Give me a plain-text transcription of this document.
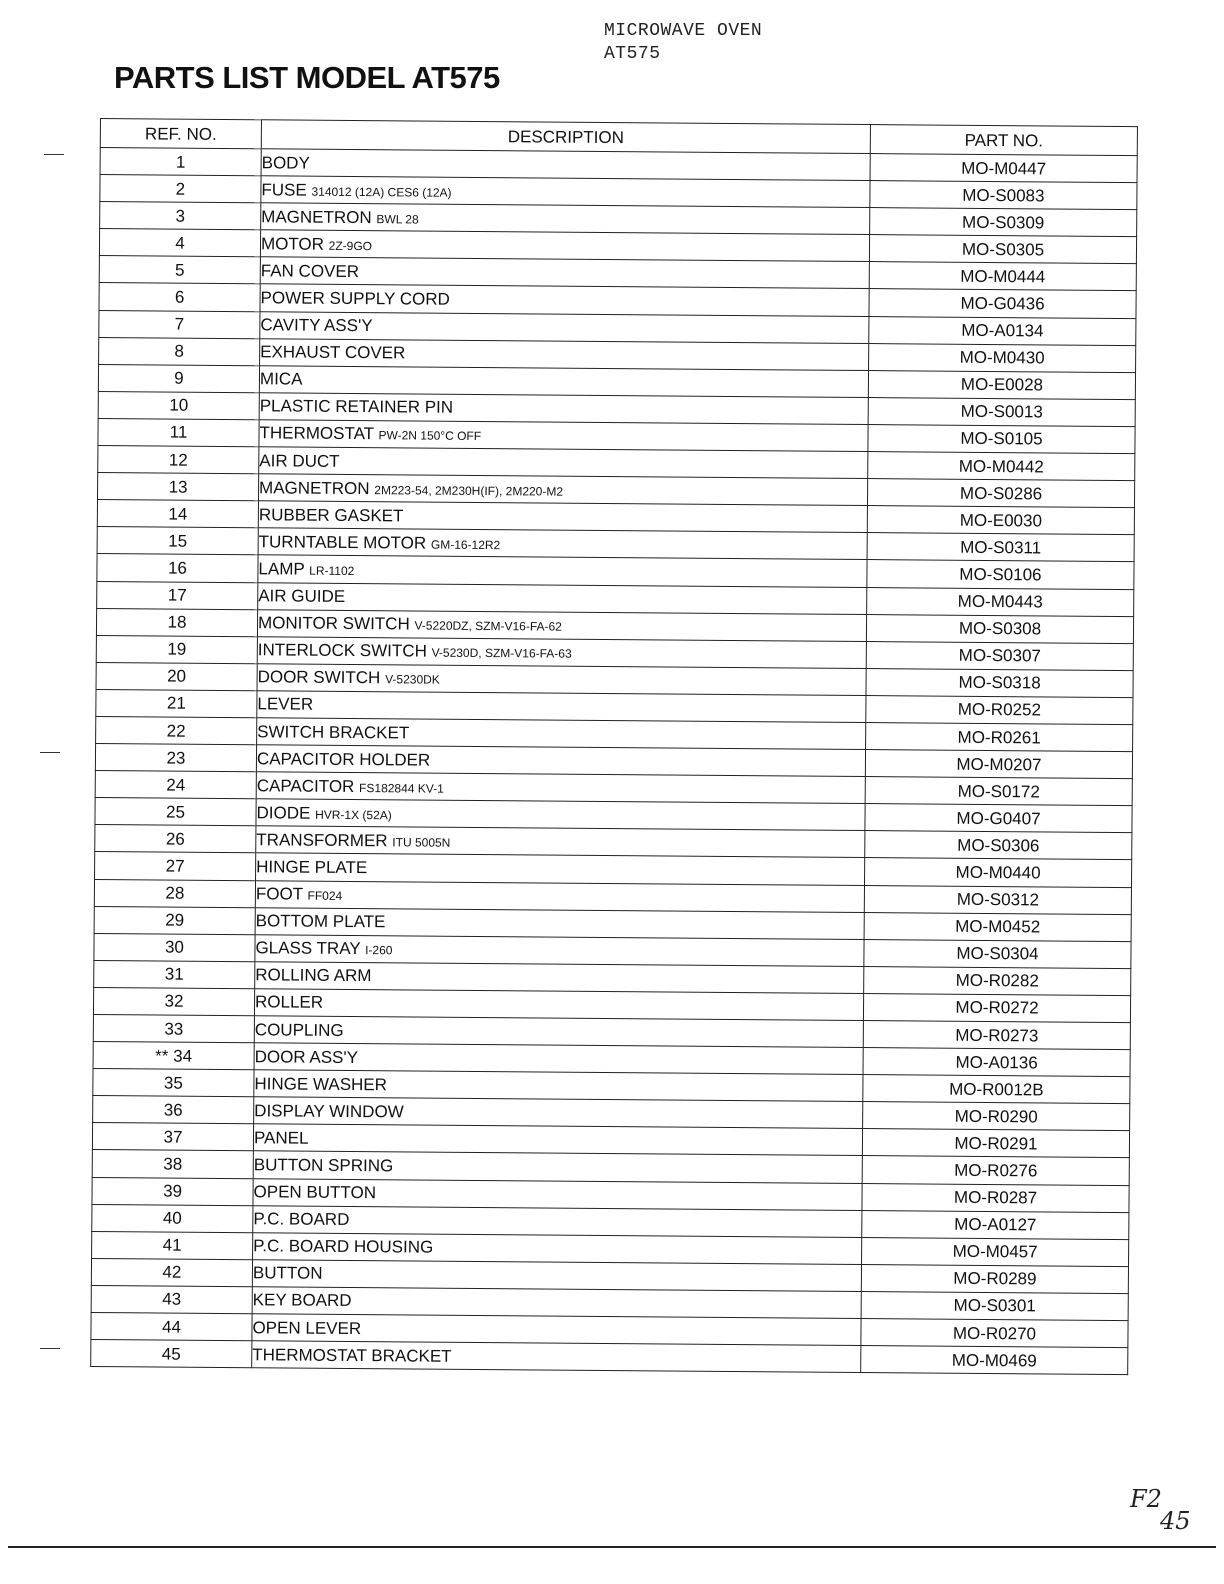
MICROWAVE OVEN
AT575
PARTS LIST MODEL AT575
REF. NO.	DESCRIPTION	PART NO.
1	BODY	MO-M0447
2	FUSE 314012 (12A) CES6 (12A)	MO-S0083
3	MAGNETRON BWL 28	MO-S0309
4	MOTOR 2Z-9GO	MO-S0305
5	FAN COVER	MO-M0444
6	POWER SUPPLY CORD	MO-G0436
7	CAVITY ASS'Y	MO-A0134
8	EXHAUST COVER	MO-M0430
9	MICA	MO-E0028
10	PLASTIC RETAINER PIN	MO-S0013
11	THERMOSTAT PW-2N 150°C OFF	MO-S0105
12	AIR DUCT	MO-M0442
13	MAGNETRON 2M223-54, 2M230H(IF), 2M220-M2	MO-S0286
14	RUBBER GASKET	MO-E0030
15	TURNTABLE MOTOR GM-16-12R2	MO-S0311
16	LAMP LR-1102	MO-S0106
17	AIR GUIDE	MO-M0443
18	MONITOR SWITCH V-5220DZ, SZM-V16-FA-62	MO-S0308
19	INTERLOCK SWITCH V-5230D, SZM-V16-FA-63	MO-S0307
20	DOOR SWITCH V-5230DK	MO-S0318
21	LEVER	MO-R0252
22	SWITCH BRACKET	MO-R0261
23	CAPACITOR HOLDER	MO-M0207
24	CAPACITOR FS182844 KV-1	MO-S0172
25	DIODE HVR-1X (52A)	MO-G0407
26	TRANSFORMER ITU 5005N	MO-S0306
27	HINGE PLATE	MO-M0440
28	FOOT FF024	MO-S0312
29	BOTTOM PLATE	MO-M0452
30	GLASS TRAY I-260	MO-S0304
31	ROLLING ARM	MO-R0282
32	ROLLER	MO-R0272
33	COUPLING	MO-R0273
** 34	DOOR ASS'Y	MO-A0136
35	HINGE WASHER	MO-R0012B
36	DISPLAY WINDOW	MO-R0290
37	PANEL	MO-R0291
38	BUTTON SPRING	MO-R0276
39	OPEN BUTTON	MO-R0287
40	P.C. BOARD	MO-A0127
41	P.C. BOARD HOUSING	MO-M0457
42	BUTTON	MO-R0289
43	KEY BOARD	MO-S0301
44	OPEN LEVER	MO-R0270
45	THERMOSTAT BRACKET	MO-M0469
F2
45
